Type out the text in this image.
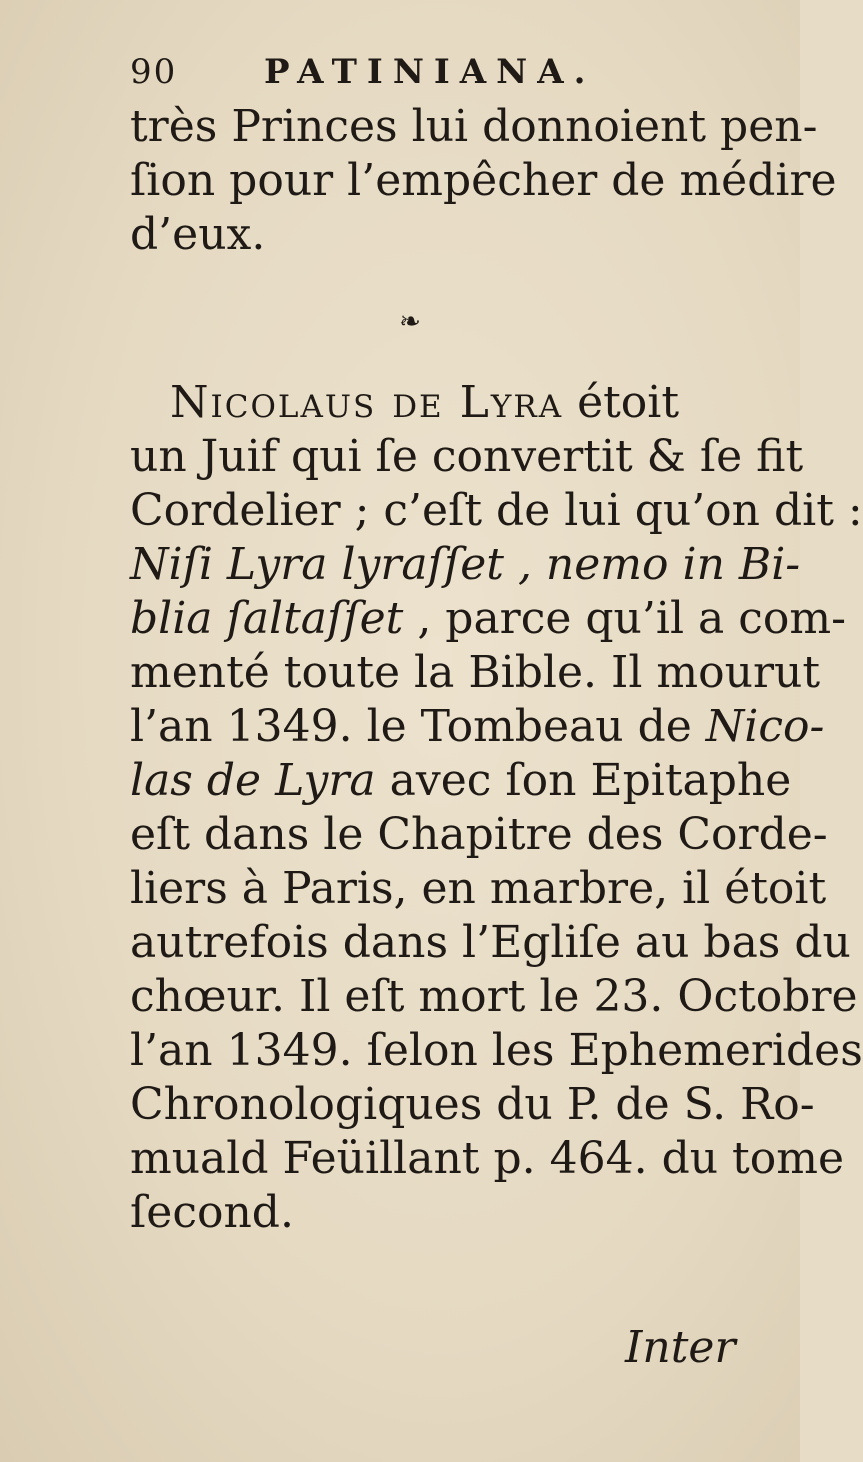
90	PATINIANA.
très Princes lui donnoient pen-
ſion pour l’empêcher de médire
d’eux.
❧
Nicolaus de Lyra étoit
un Juif qui ſe convertit & ſe fit
Cordelier ; c’eſt de lui qu’on dit :
Niſi Lyra lyraſſet , nemo in Bi-
blia ſaltaſſet , parce qu’il a com-
menté toute la Bible. Il mourut
l’an 1349. le Tombeau de Nico-
las de Lyra avec ſon Epitaphe
eſt dans le Chapitre des Corde-
liers à Paris, en marbre, il étoit
autrefois dans l’Egliſe au bas du
chœur. Il eſt mort le 23. Octobre
l’an 1349. ſelon les Ephemerides
Chronologiques du P. de S. Ro-
muald Feüillant p. 464. du tome
ſecond.
Inter
